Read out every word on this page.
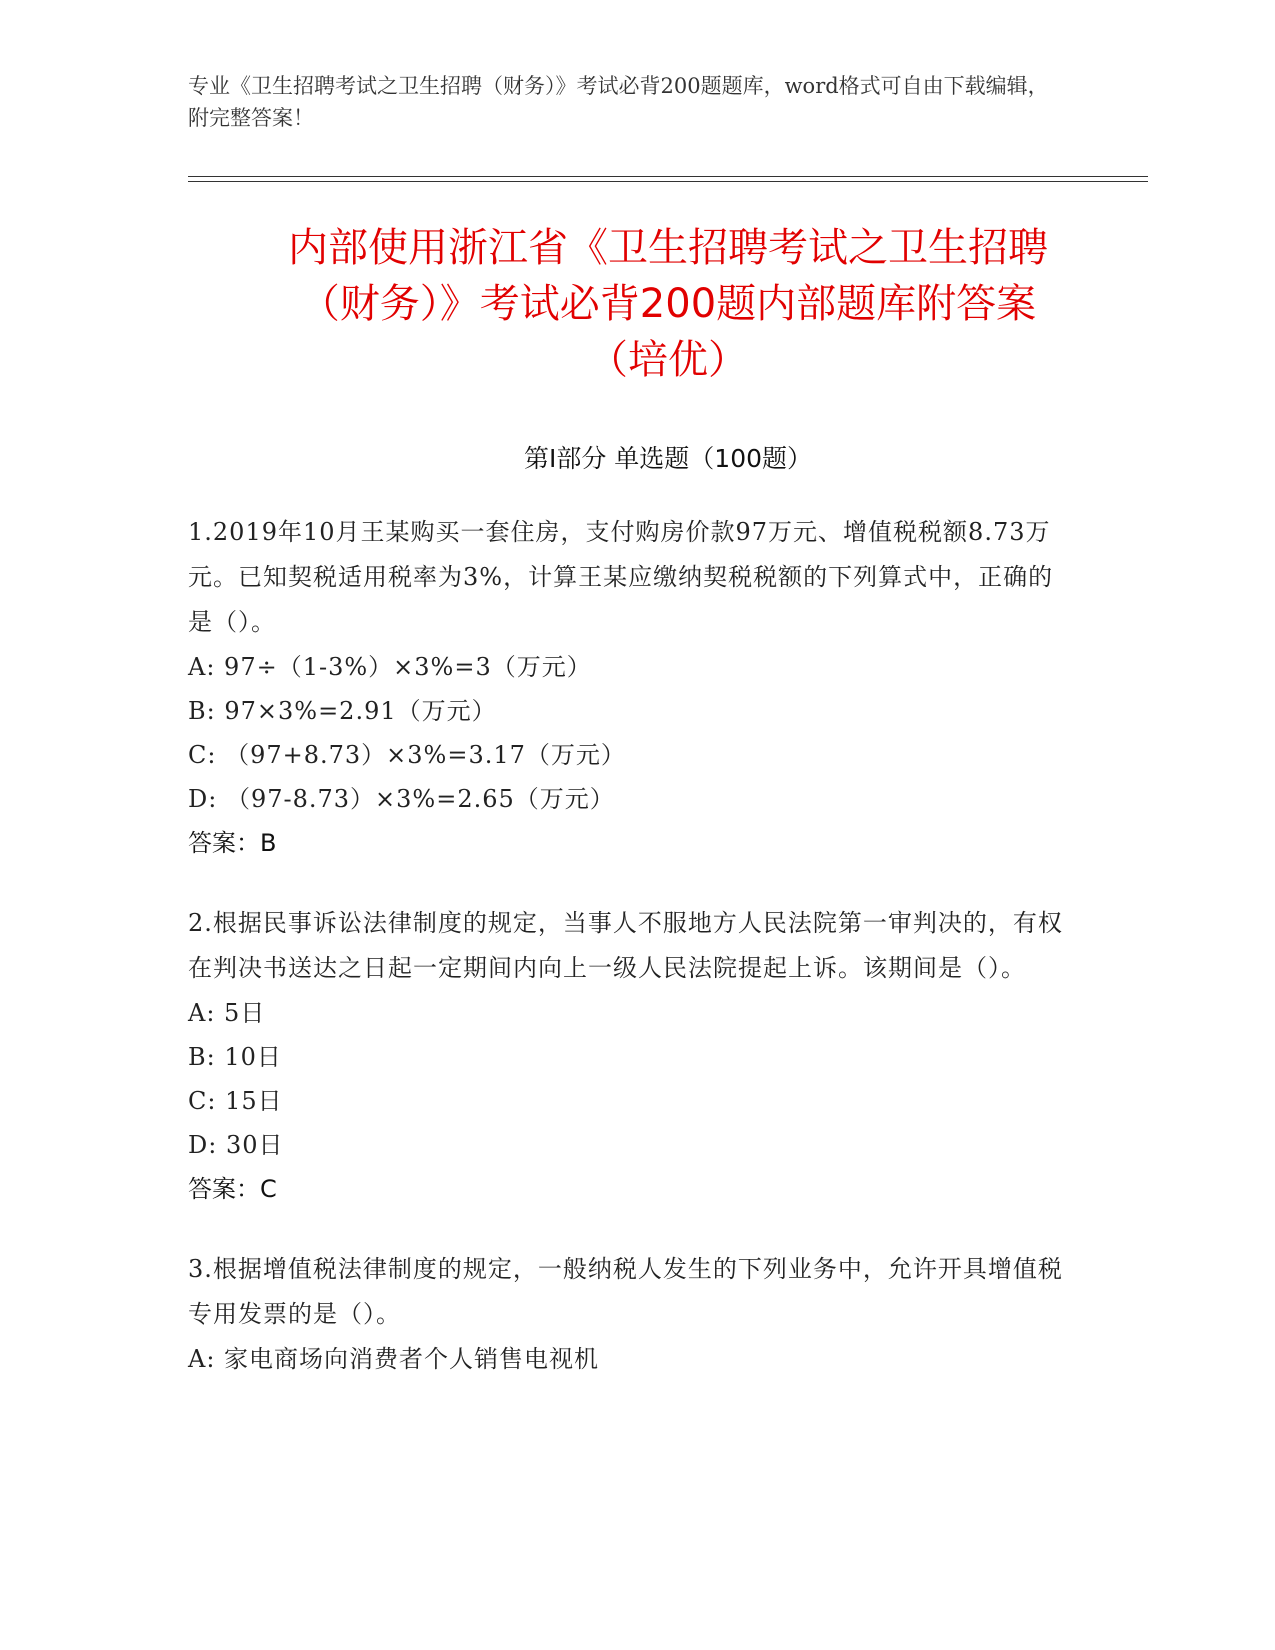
专业《卫生招聘考试之卫生招聘（财务）》考试必背200题题库，word格式可自由下载编辑，附完整答案！

内部使用浙江省《卫生招聘考试之卫生招聘
（财务）》考试必背200题内部题库附答案
（培优）
第I部分 单选题（100题）

1.2019年10月王某购买一套住房，支付购房价款97万元、增值税税额8.73万元。已知契税适用税率为3%，计算王某应缴纳契税税额的下列算式中，正确的是（）。

A: 97÷（1-3%）×3%=3（万元）

B: 97×3%=2.91（万元）

C: （97+8.73）×3%=3.17（万元）

D: （97-8.73）×3%=2.65（万元）

答案：B

2.根据民事诉讼法律制度的规定，当事人不服地方人民法院第一审判决的，有权在判决书送达之日起一定期间内向上一级人民法院提起上诉。该期间是（）。

A: 5日

B: 10日

C: 15日

D: 30日

答案：C

3.根据增值税法律制度的规定，一般纳税人发生的下列业务中，允许开具增值税专用发票的是（）。

A: 家电商场向消费者个人销售电视机
